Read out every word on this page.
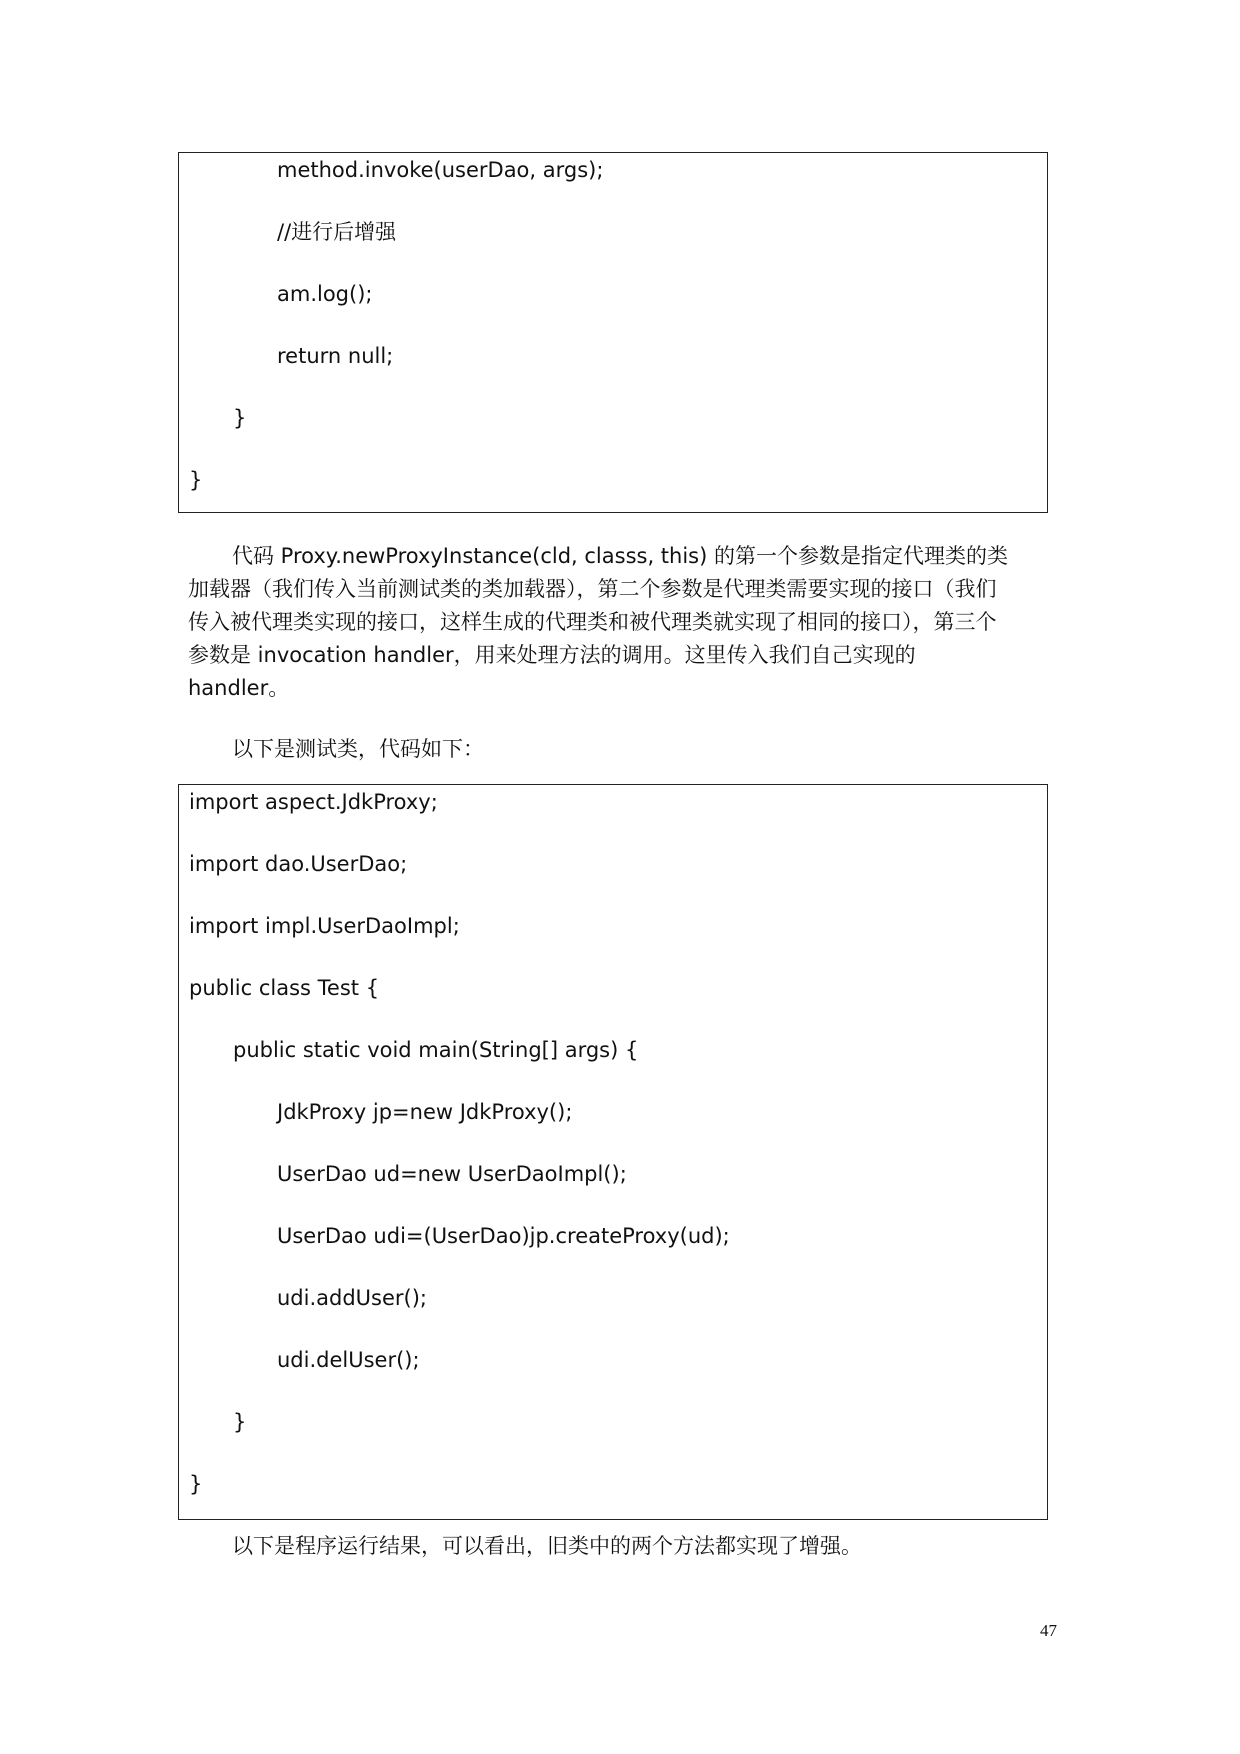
method.invoke(userDao, args);
//进行后增强
am.log();
return null;
}
}
代码 Proxy.newProxyInstance(cld, classs, this) 的第一个参数是指定代理类的类
加载器（我们传入当前测试类的类加载器），第二个参数是代理类需要实现的接口（我们
传入被代理类实现的接口，这样生成的代理类和被代理类就实现了相同的接口），第三个
参数是 invocation handler，用来处理方法的调用。这里传入我们自己实现的
handler。
以下是测试类，代码如下：
import aspect.JdkProxy;
import dao.UserDao;
import impl.UserDaoImpl;
public class Test {
public static void main(String[] args) {
JdkProxy jp=new JdkProxy();
UserDao ud=new UserDaoImpl();
UserDao udi=(UserDao)jp.createProxy(ud);
udi.addUser();
udi.delUser();
}
}
以下是程序运行结果，可以看出，旧类中的两个方法都实现了增强。
47
